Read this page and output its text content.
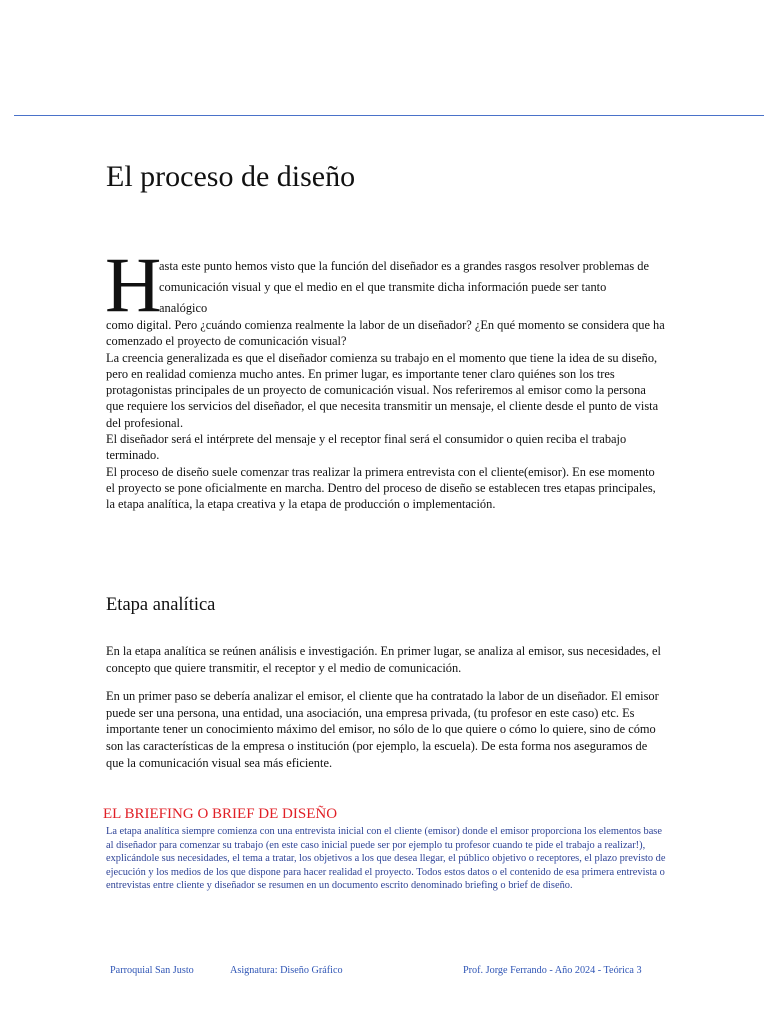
El proceso de diseño
H
asta este punto hemos visto que la función del diseñador es a grandes rasgos resolver problemas de
comunicación visual y que el medio en el que transmite dicha información puede ser tanto
analógico

como digital. Pero ¿cuándo comienza realmente la labor de un diseñador? ¿En qué momento se considera que ha comenzado el proyecto de comunicación visual?

La creencia generalizada es que el diseñador comienza su trabajo en el momento que tiene la idea de su diseño, pero en realidad comienza mucho antes. En primer lugar, es importante tener claro quiénes son los tres protagonistas principales de un proyecto de comunicación visual. Nos referiremos al emisor como la persona que requiere los servicios del diseñador, el que necesita transmitir un mensaje, el cliente desde el punto de vista del profesional.

El diseñador será el intérprete del mensaje y el receptor final será el consumidor o quien reciba el trabajo terminado.

El proceso de diseño suele comenzar tras realizar la primera entrevista con el cliente(emisor). En ese momento el proyecto se pone oficialmente en marcha. Dentro del proceso de diseño se establecen tres etapas principales, la etapa analítica, la etapa creativa y la etapa de producción o implementación.

Etapa analítica

En la etapa analítica se reúnen análisis e investigación. En primer lugar, se analiza al emisor, sus necesidades, el concepto que quiere transmitir, el receptor y el medio de comunicación.

En un primer paso se debería analizar el emisor, el cliente que ha contratado la labor de un diseñador. El emisor puede ser una persona, una entidad, una asociación, una empresa privada, (tu profesor en este caso) etc. Es importante tener un conocimiento máximo del emisor, no sólo de lo que quiere o cómo lo quiere, sino de cómo son las características de la empresa o institución (por ejemplo, la escuela). De esta forma nos aseguramos de que la comunicación visual sea más eficiente.

EL BRIEFING O BRIEF DE DISEÑO

La etapa analítica siempre comienza con una entrevista inicial con el cliente (emisor) donde el emisor proporciona los elementos base al diseñador para comenzar su trabajo (en este caso inicial puede ser por ejemplo tu profesor cuando te pide el trabajo a realizar!), explicándole sus necesidades, el tema a tratar, los objetivos a los que desea llegar, el público objetivo o receptores, el plazo previsto de ejecución y los medios de los que dispone para hacer realidad el proyecto. Todos estos datos o el contenido de esa primera entrevista o entrevistas entre cliente y diseñador se resumen en un documento escrito denominado briefing o brief de diseño.

Parroquial San Justo	Asignatura: Diseño Gráfico	Prof. Jorge Ferrando - Año 2024 - Teórica 3
